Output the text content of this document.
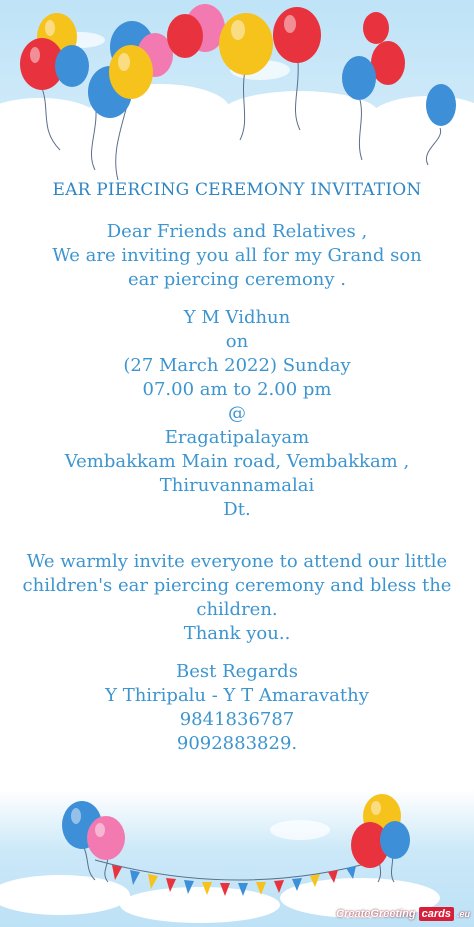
EAR PIERCING CEREMONY INVITATION
Dear Friends and Relatives ,
We are inviting you all for my Grand son
ear piercing ceremony .
Y M Vidhun
on
(27 March 2022) Sunday
07.00 am to 2.00 pm
@
Eragatipalayam
Vembakkam Main road, Vembakkam , Thiruvannamalai
Dt.
We warmly invite everyone to attend our little
children's ear piercing ceremony and bless the
children.
Thank you..
Best Regards
Y Thiripalu - Y T Amaravathy
9841836787
9092883829.
CreateGreeting cards .eu
